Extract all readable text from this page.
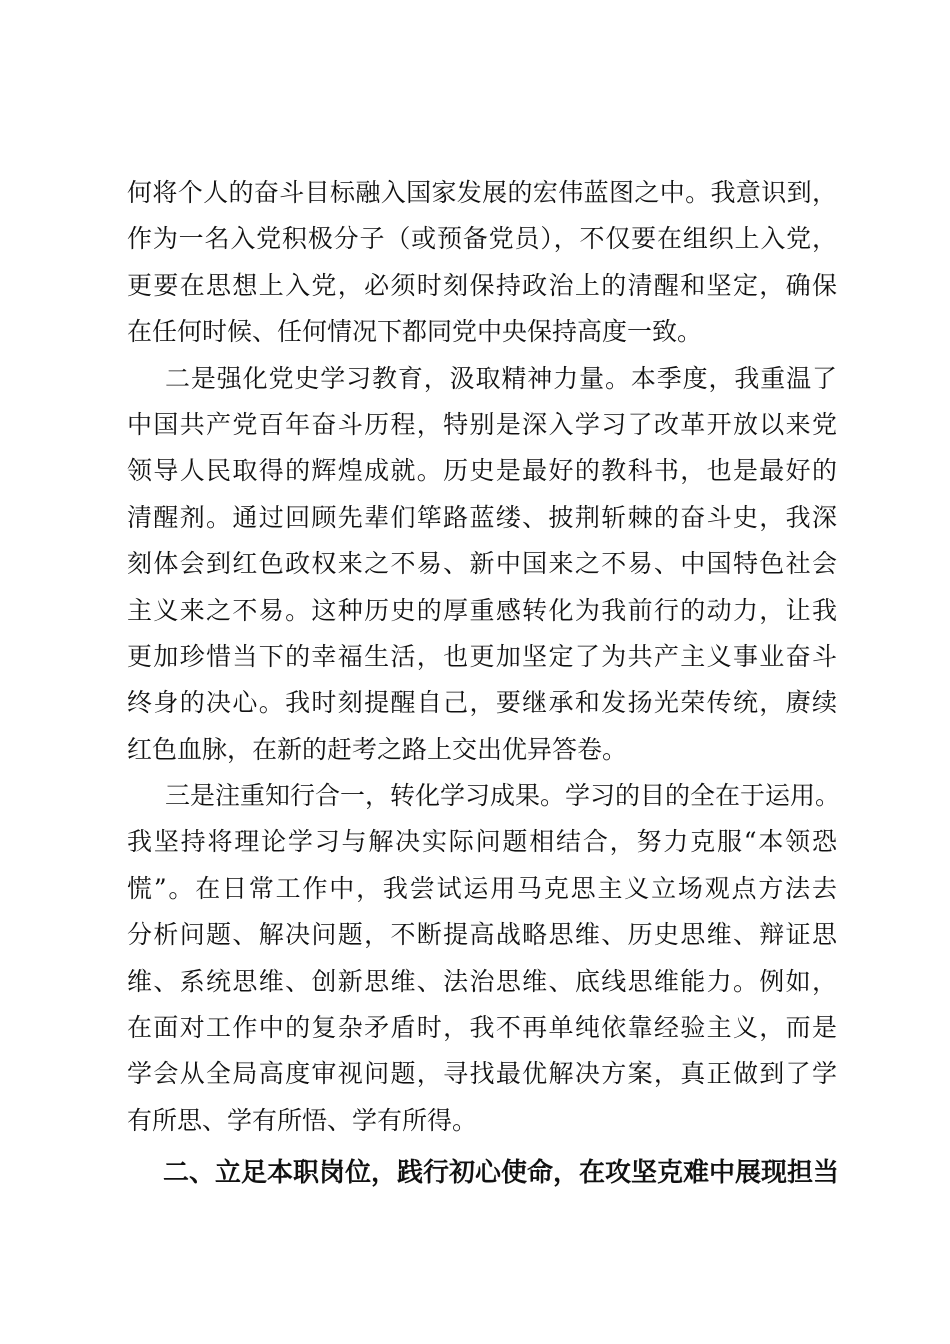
何将个人的奋斗目标融入国家发展的宏伟蓝图之中。我意识到，
作为一名入党积极分子（或预备党员），不仅要在组织上入党，
更要在思想上入党，必须时刻保持政治上的清醒和坚定，确保
在任何时候、任何情况下都同党中央保持高度一致。
二是强化党史学习教育，汲取精神力量。本季度，我重温了
中国共产党百年奋斗历程，特别是深入学习了改革开放以来党
领导人民取得的辉煌成就。历史是最好的教科书，也是最好的
清醒剂。通过回顾先辈们筚路蓝缕、披荆斩棘的奋斗史，我深
刻体会到红色政权来之不易、新中国来之不易、中国特色社会
主义来之不易。这种历史的厚重感转化为我前行的动力，让我
更加珍惜当下的幸福生活，也更加坚定了为共产主义事业奋斗
终身的决心。我时刻提醒自己，要继承和发扬光荣传统，赓续
红色血脉，在新的赶考之路上交出优异答卷。
三是注重知行合一，转化学习成果。学习的目的全在于运用。
我坚持将理论学习与解决实际问题相结合，努力克服“本领恐
慌”。在日常工作中，我尝试运用马克思主义立场观点方法去
分析问题、解决问题，不断提高战略思维、历史思维、辩证思
维、系统思维、创新思维、法治思维、底线思维能力。例如，
在面对工作中的复杂矛盾时，我不再单纯依靠经验主义，而是
学会从全局高度审视问题，寻找最优解决方案，真正做到了学
有所思、学有所悟、学有所得。
二、立足本职岗位，践行初心使命，在攻坚克难中展现担当
